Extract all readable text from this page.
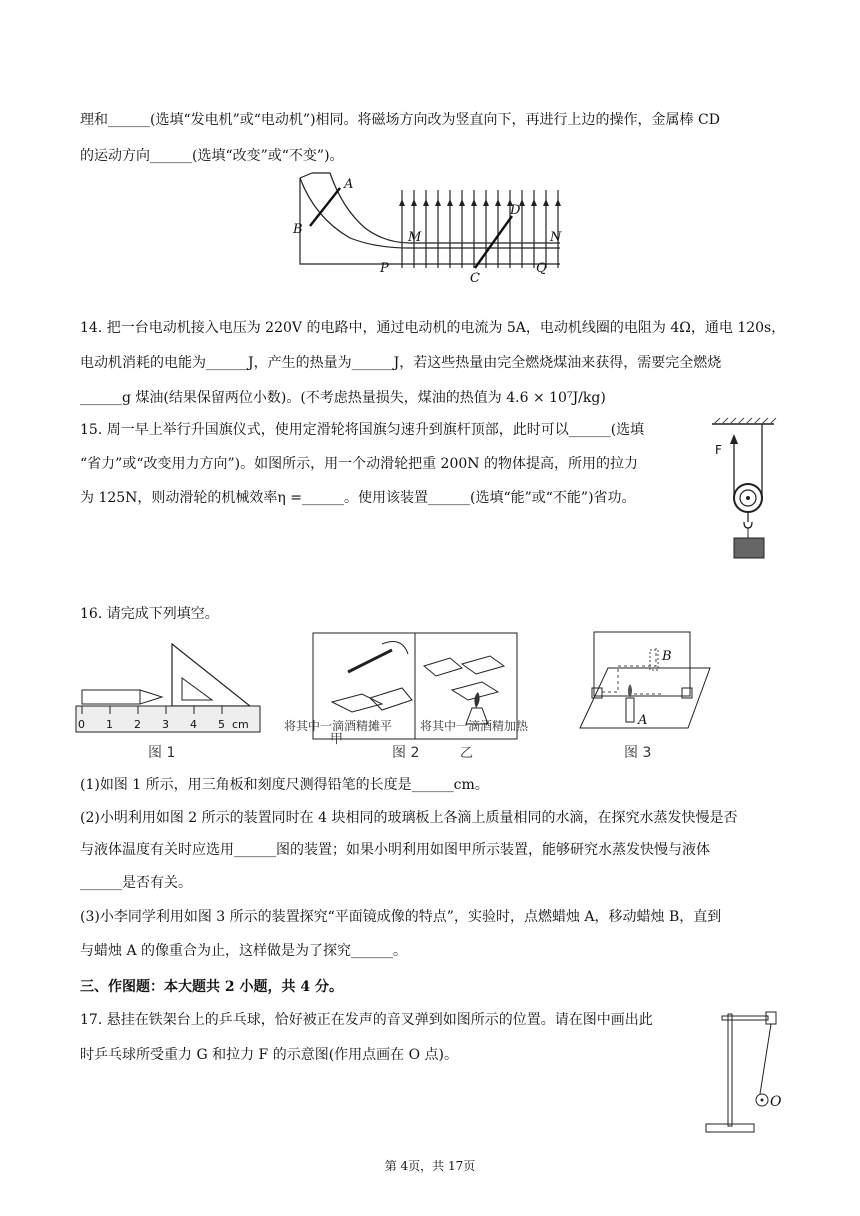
理和______(选填“发电机”或“电动机”)相同。将磁场方向改为竖直向下，再进行上边的操作，金属棒 CD
的运动方向______(选填“改变”或“不变”)。
A
B
C
D
M	N
P	Q
14. 把一台电动机接入电压为 220V 的电路中，通过电动机的电流为 5A，电动机线圈的电阻为 4Ω，通电 120s，
电动机消耗的电能为______J，产生的热量为______J，若这些热量由完全燃烧煤油来获得，需要完全燃烧
______g 煤油(结果保留两位小数)。(不考虑热量损失，煤油的热值为 4.6 × 10⁷J/kg)
15. 周一早上举行升国旗仪式，使用定滑轮将国旗匀速升到旗杆顶部，此时可以______(选填
“省力”或“改变用力方向”)。如图所示，用一个动滑轮把重 200N 的物体提高，所用的拉力
为 125N，则动滑轮的机械效率η =______。使用该装置______(选填“能”或“不能”)省功。
F
16. 请完成下列填空。
0 1 2 3 4 5 cm
图 1
将其中一滴酒精摊平 将其中一滴酒精加热
甲
乙
图 2
B
A
图 3
(1)如图 1 所示，用三角板和刻度尺测得铅笔的长度是______cm。
(2)小明利用如图 2 所示的装置同时在 4 块相同的玻璃板上各滴上质量相同的水滴，在探究水蒸发快慢是否
与液体温度有关时应选用______图的装置；如果小明利用如图甲所示装置，能够研究水蒸发快慢与液体
______是否有关。
(3)小李同学利用如图 3 所示的装置探究“平面镜成像的特点”，实验时，点燃蜡烛 A，移动蜡烛 B，直到
与蜡烛 A 的像重合为止，这样做是为了探究______。
三、作图题：本大题共 2 小题，共 4 分。
17. 悬挂在铁架台上的乒乓球，恰好被正在发声的音叉弹到如图所示的位置。请在图中画出此
时乒乓球所受重力 G 和拉力 F 的示意图(作用点画在 O 点)。
O
第 4页，共 17页
